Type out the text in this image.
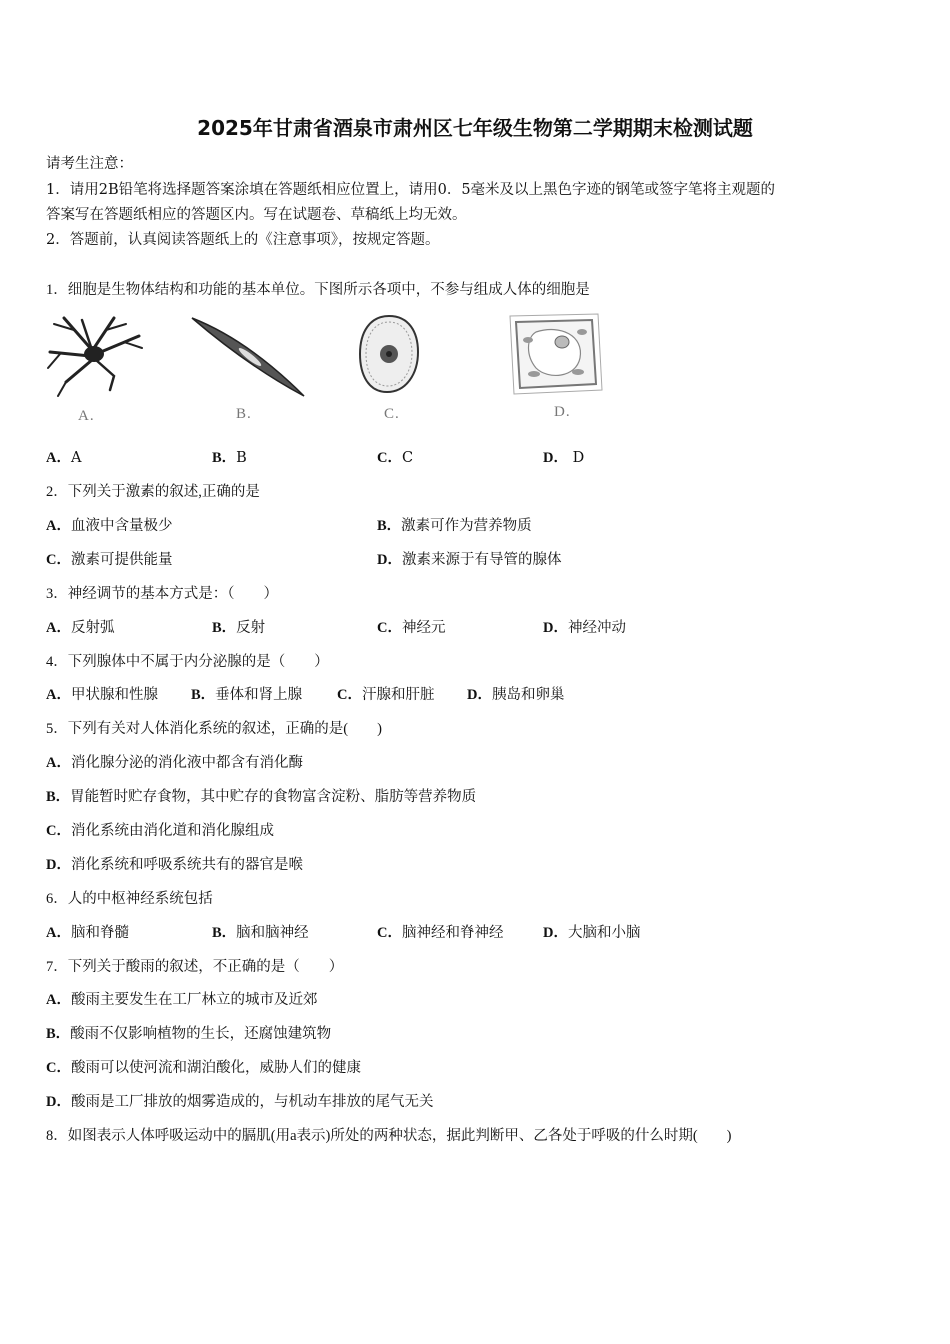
2025年甘肃省酒泉市肃州区七年级生物第二学期期末检测试题
请考生注意：
1．请用2B铅笔将选择题答案涂填在答题纸相应位置上，请用0．5毫米及以上黑色字迹的钢笔或签字笔将主观题的
答案写在答题纸相应的答题区内。写在试题卷、草稿纸上均无效。
2．答题前，认真阅读答题纸上的《注意事项》，按规定答题。
1．细胞是生物体结构和功能的基本单位。下图所示各项中，不参与组成人体的细胞是
A.	B.	C.	D.
A．A	B．B	C．C	D． D
2．下列关于激素的叙述,正确的是
A．血液中含量极少	B．激素可作为营养物质
C．激素可提供能量	D．激素来源于有导管的腺体
3．神经调节的基本方式是：（　　）
A．反射弧	B．反射	C．神经元	D．神经冲动
4．下列腺体中不属于内分泌腺的是（　　）
A．甲状腺和性腺 B．垂体和肾上腺 C．汗腺和肝脏 D．胰岛和卵巢
5．下列有关对人体消化系统的叙述，正确的是(　　)
A．消化腺分泌的消化液中都含有消化酶
B．胃能暂时贮存食物，其中贮存的食物富含淀粉、脂肪等营养物质
C．消化系统由消化道和消化腺组成
D．消化系统和呼吸系统共有的器官是喉
6．人的中枢神经系统包括
A．脑和脊髓	B．脑和脑神经	C．脑神经和脊神经	D．大脑和小脑
7．下列关于酸雨的叙述，不正确的是（　　）
A．酸雨主要发生在工厂林立的城市及近郊
B．酸雨不仅影响植物的生长，还腐蚀建筑物
C．酸雨可以使河流和湖泊酸化，威胁人们的健康
D．酸雨是工厂排放的烟雾造成的，与机动车排放的尾气无关
8．如图表示人体呼吸运动中的膈肌(用a表示)所处的两种状态，据此判断甲、乙各处于呼吸的什么时期(　　)
